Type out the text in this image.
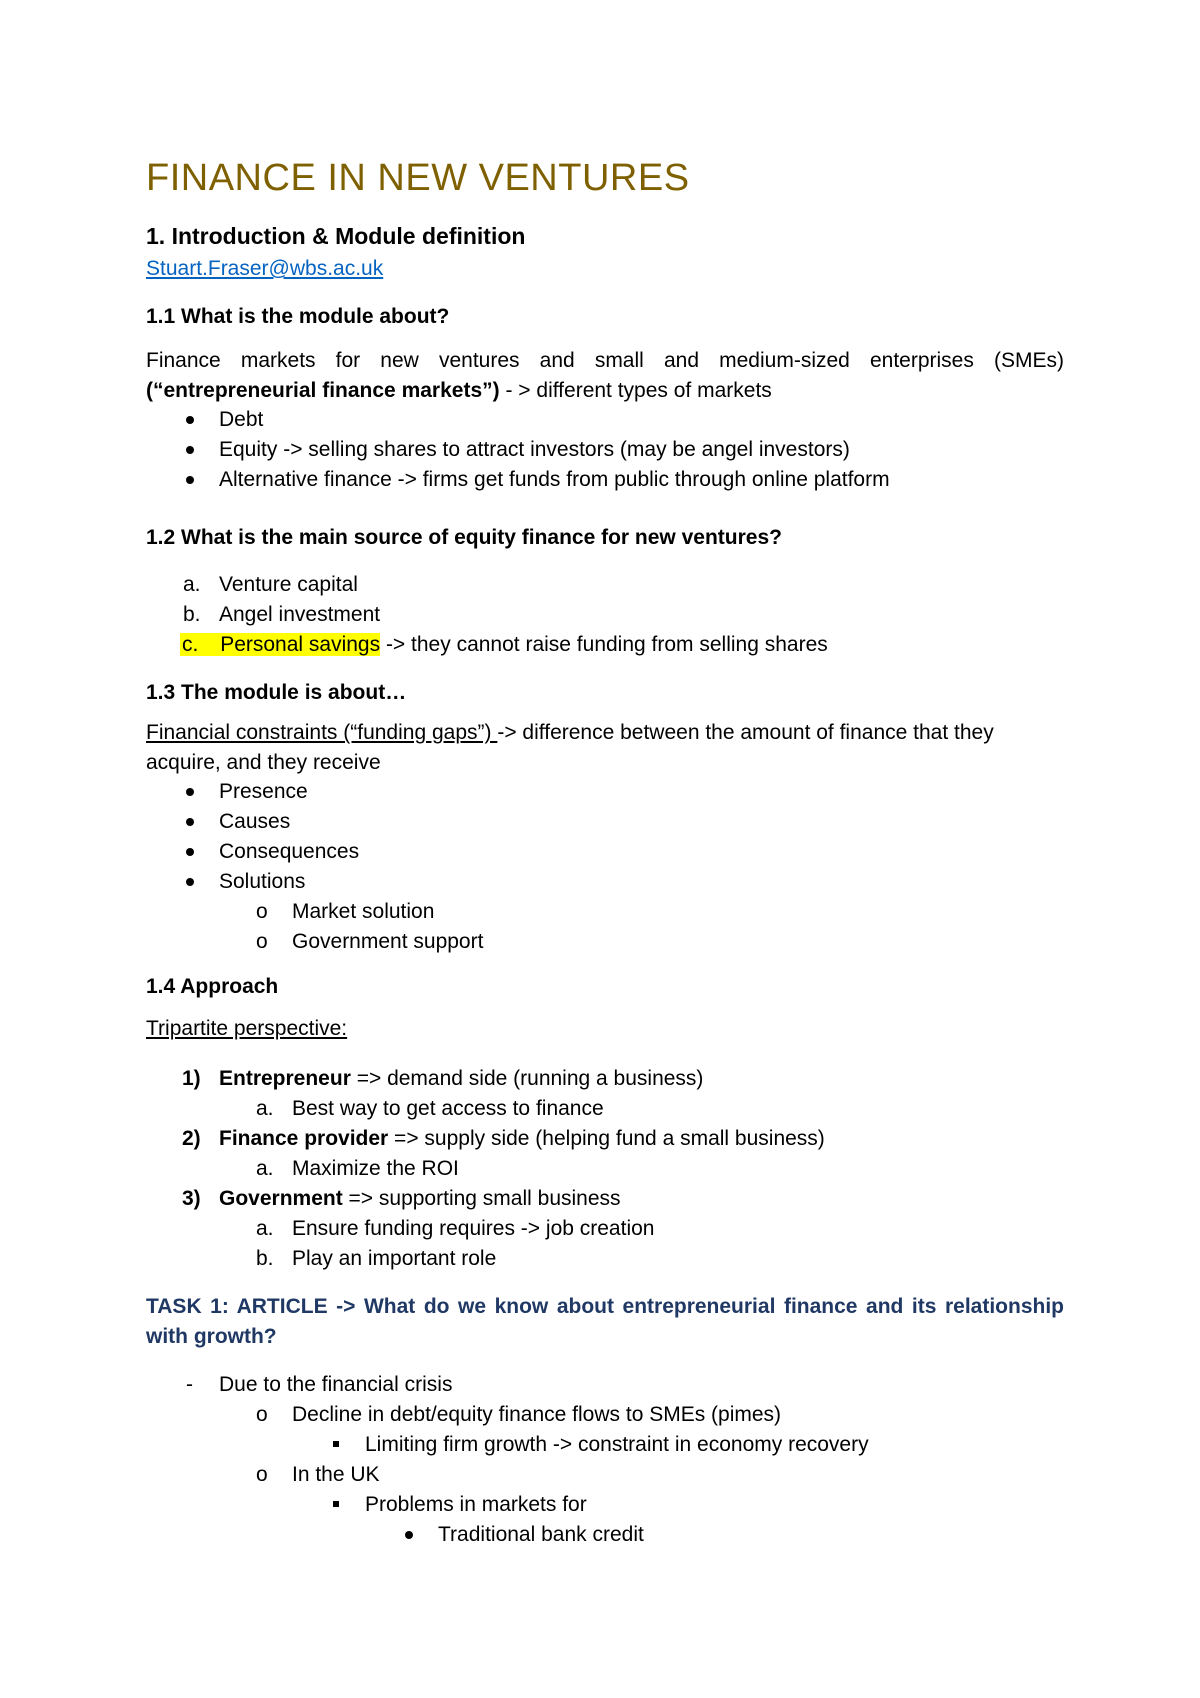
FINANCE IN NEW VENTURES
1. Introduction & Module definition
Stuart.Fraser@wbs.ac.uk
1.1 What is the module about?
Finance markets for new ventures and small and medium-sized enterprises (SMEs)
(“entrepreneurial finance markets”) - > different types of markets
Debt
Equity -> selling shares to attract investors (may be angel investors)
Alternative finance -> firms get funds from public through online platform
1.2 What is the main source of equity finance for new ventures?
a. Venture capital
b. Angel investment
c. Personal savings -> they cannot raise funding from selling shares
1.3 The module is about…
Financial constraints (“funding gaps”) -> difference between the amount of finance that they
acquire, and they receive
Presence
Causes
Consequences
Solutions
o Market solution
o Government support
1.4 Approach
Tripartite perspective:
1) Entrepreneur => demand side (running a business)
a. Best way to get access to finance
2) Finance provider => supply side (helping fund a small business)
a. Maximize the ROI
3) Government => supporting small business
a. Ensure funding requires -> job creation
b. Play an important role
TASK 1: ARTICLE -> What do we know about entrepreneurial finance and its relationship
with growth?
- Due to the financial crisis
o Decline in debt/equity finance flows to SMEs (pimes)
Limiting firm growth -> constraint in economy recovery
o In the UK
Problems in markets for
Traditional bank credit
